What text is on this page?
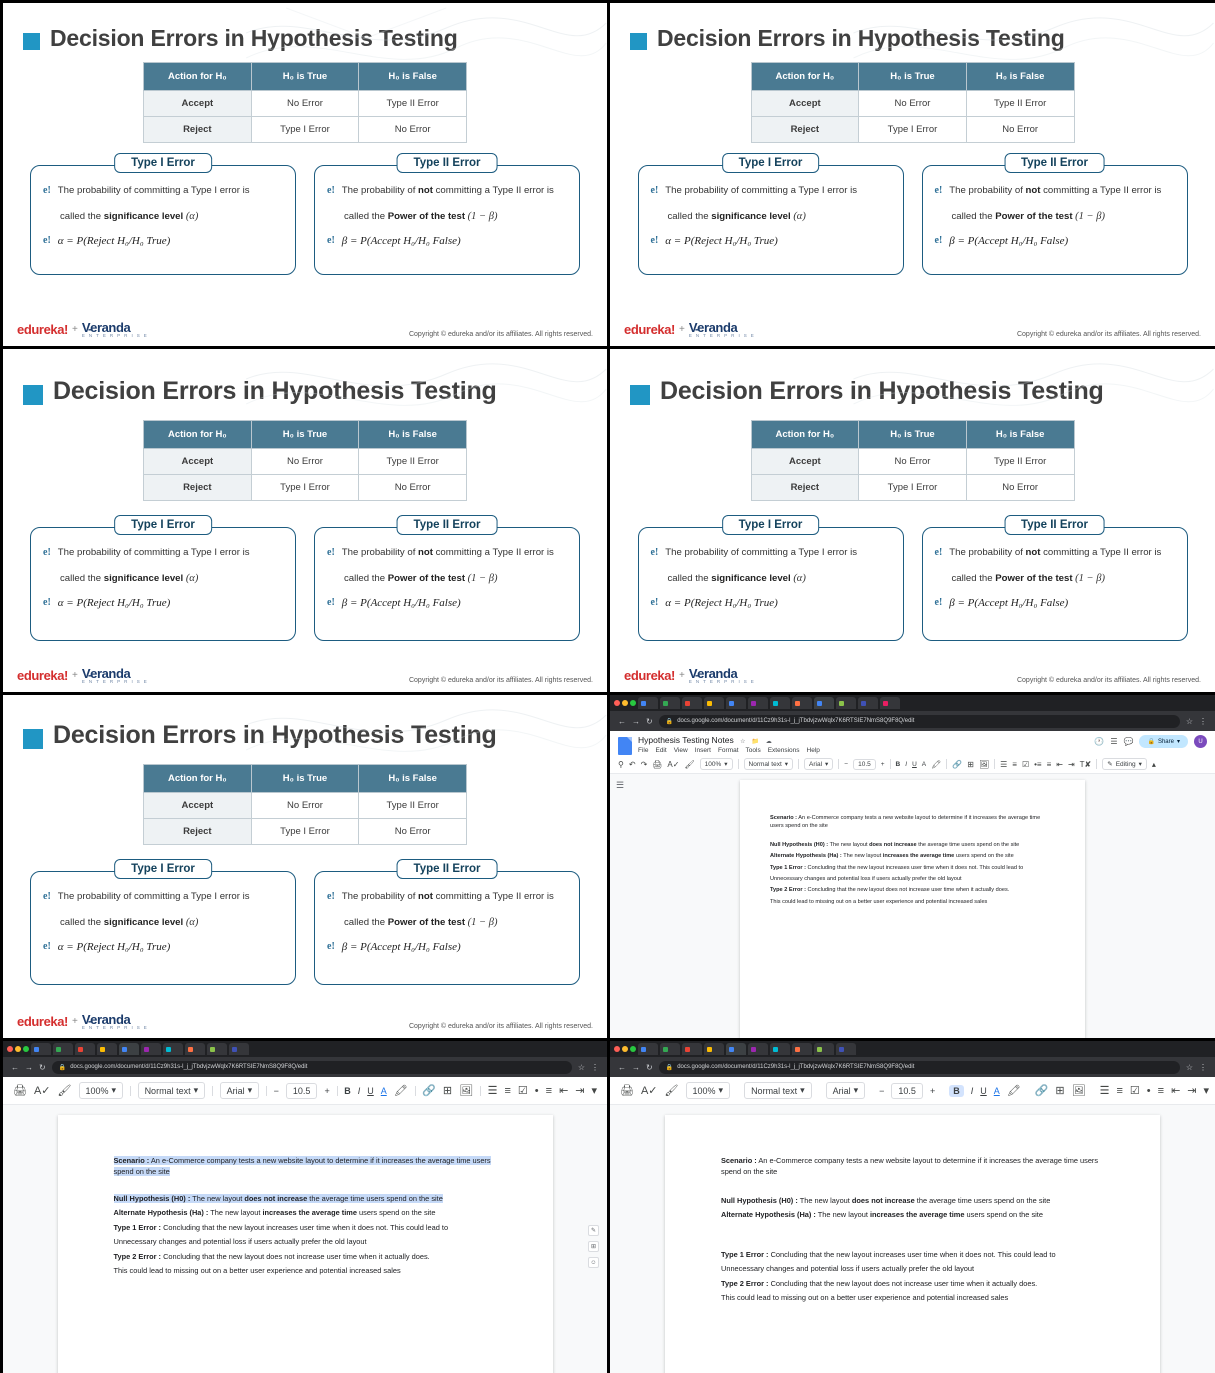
Decision Errors in Hypothesis Testing
Action for H₀	H₀ is True	H₀ is False
Accept	No Error	Type II Error
Reject	Type I Error	No Error
Type I Error
e! The probability of committing a Type I error is
called the significance level (α)
e! α = P(Reject H₀/H₀ True)
Type II Error
e! The probability of not committing a Type II error is
called the Power of the test (1 − β)
e! β = P(Accept H₀/H₀ False)
edureka! + V̵eranda
E N T E R P R I S E	Copyright © edureka and/or its affiliates. All rights reserved.
Decision Errors in Hypothesis Testing
Action for H₀	H₀ is True	H₀ is False
Accept	No Error	Type II Error
Reject	Type I Error	No Error
Type I Error
e! The probability of committing a Type I error is
called the significance level (α)
e! α = P(Reject H₀/H₀ True)
Type II Error
e! The probability of not committing a Type II error is
called the Power of the test (1 − β)
e! β = P(Accept H₀/H₀ False)
edureka! + V̵eranda
E N T E R P R I S E	Copyright © edureka and/or its affiliates. All rights reserved.
Decision Errors in Hypothesis Testing
Action for H₀	H₀ is True	H₀ is False
Accept	No Error	Type II Error
Reject	Type I Error	No Error
Type I Error
e! The probability of committing a Type I error is
called the significance level (α)
e! α = P(Reject H₀/H₀ True)
Type II Error
e! The probability of not committing a Type II error is
called the Power of the test (1 − β)
e! β = P(Accept H₀/H₀ False)
edureka! + V̵eranda
E N T E R P R I S E	Copyright © edureka and/or its affiliates. All rights reserved.
Decision Errors in Hypothesis Testing
Action for H₀	H₀ is True	H₀ is False
Accept	No Error	Type II Error
Reject	Type I Error	No Error
Type I Error
e! The probability of committing a Type I error is
called the significance level (α)
e! α = P(Reject H₀/H₀ True)
Type II Error
e! The probability of not committing a Type II error is
called the Power of the test (1 − β)
e! β = P(Accept H₀/H₀ False)
edureka! + V̵eranda
E N T E R P R I S E	Copyright © edureka and/or its affiliates. All rights reserved.
Decision Errors in Hypothesis Testing
Action for H₀	H₀ is True	H₀ is False
Accept	No Error	Type II Error
Reject	Type I Error	No Error
Type I Error
e! The probability of committing a Type I error is
called the significance level (α)
e! α = P(Reject H₀/H₀ True)
Type II Error
e! The probability of not committing a Type II error is
called the Power of the test (1 − β)
e! β = P(Accept H₀/H₀ False)
edureka! + V̵eranda
E N T E R P R I S E	Copyright © edureka and/or its affiliates. All rights reserved.
← → ↻ 🔒 docs.google.com/document/d/11Cz9h31s-l_j_jTbdvjzwWqlx7K6RTSIE7NmS8Q9F8Q/edit	☆ ⋮
Hypothesis Testing Notes ☆ 📁 ☁
File Edit View Insert Format Tools Extensions Help
🕐 ☰ 💬 🔒 Share ▾	U
⚲ ↶ ↷ 🖨 A✓ 🖌 100% ▾	Normal text ▾	Arial ▾ −	10.5	+ B I U A 🖍 🔗 ⊞ 🖼 ☰ ≡ ☑ •≡ ≡ ⇤ ⇥ T✘ ✎ Editing ▾ ▴
☰

Scenario : An e-Commerce company tests a new website layout to determine if it increases the average time users spend on the site

Null Hypothesis (H0) : The new layout does not increase the average time users spend on the site

Alternate Hypothesis (Ha) : The new layout increases the average time users spend on the site

Type 1 Error : Concluding that the new layout increases user time when it does not. This could lead to

Unnecessary changes and potential loss if users actually prefer the old layout

Type 2 Error : Concluding that the new layout does not increase user time when it actually does.

This could lead to missing out on a better user experience and potential increased sales

← → ↻ 🔒 docs.google.com/document/d/11Cz9h31s-l_j_jTbdvjzwWqlx7K6RTSIE7NmS8Q9F8Q/edit	☆ ⋮
🖨 A✓ 🖌 100% ▾	Normal text ▾	Arial ▾ −	10.5	+ B I U A 🖍 🔗 ⊞ 🖼 ☰ ≡ ☑ • ≡ ⇤ ⇥ ▾

Scenario : An e-Commerce company tests a new website layout to determine if it increases the average time users spend on the site

Null Hypothesis (H0) : The new layout does not increase the average time users spend on the site

Alternate Hypothesis (Ha) : The new layout increases the average time users spend on the site

Type 1 Error : Concluding that the new layout increases user time when it does not. This could lead to

Unnecessary changes and potential loss if users actually prefer the old layout

Type 2 Error : Concluding that the new layout does not increase user time when it actually does.

This could lead to missing out on a better user experience and potential increased sales

✎
⊞
☺
← → ↻ 🔒 docs.google.com/document/d/11Cz9h31s-l_j_jTbdvjzwWqlx7K6RTSIE7NmS8Q9F8Q/edit	☆ ⋮
🖨 A✓ 🖌 100% ▾	Normal text ▾	Arial ▾ −	10.5	+	B	I U A 🖍 🔗 ⊞ 🖼 ☰ ≡ ☑ • ≡ ⇤ ⇥ ▾

Scenario : An e-Commerce company tests a new website layout to determine if it increases the average time users spend on the site

Null Hypothesis (H0) : The new layout does not increase the average time users spend on the site

Alternate Hypothesis (Ha) : The new layout increases the average time users spend on the site

Type 1 Error : Concluding that the new layout increases user time when it does not. This could lead to

Unnecessary changes and potential loss if users actually prefer the old layout

Type 2 Error : Concluding that the new layout does not increase user time when it actually does.

This could lead to missing out on a better user experience and potential increased sales
